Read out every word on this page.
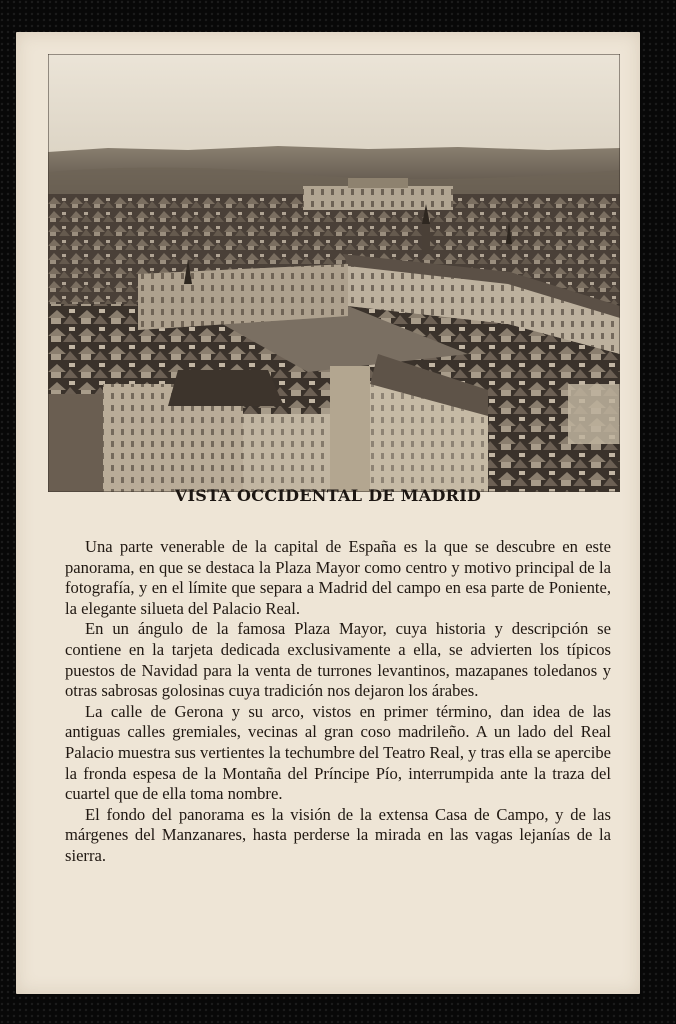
VISTA OCCIDENTAL DE MADRID

Una parte venerable de la capital de España es la que se descubre en este panorama, en que se destaca la Plaza Mayor como centro y motivo principal de la fotografía, y en el límite que separa a Madrid del campo en esa parte de Poniente, la elegante silueta del Palacio Real.

En un ángulo de la famosa Plaza Mayor, cuya historia y descripción se contiene en la tarjeta dedicada exclusivamente a ella, se advierten los típicos puestos de Navidad para la venta de turrones levantinos, mazapanes toledanos y otras sabrosas golosinas cuya tradición nos dejaron los árabes.

La calle de Gerona y su arco, vistos en primer término, dan idea de las antiguas calles gremiales, vecinas al gran coso madrileño. A un lado del Real Palacio muestra sus vertientes la techumbre del Teatro Real, y tras ella se apercibe la fronda espesa de la Montaña del Príncipe Pío, interrumpida ante la traza del cuartel que de ella toma nombre.

El fondo del panorama es la visión de la extensa Casa de Campo, y de las márgenes del Manzanares, hasta perderse la mirada en las vagas lejanías de la sierra.
